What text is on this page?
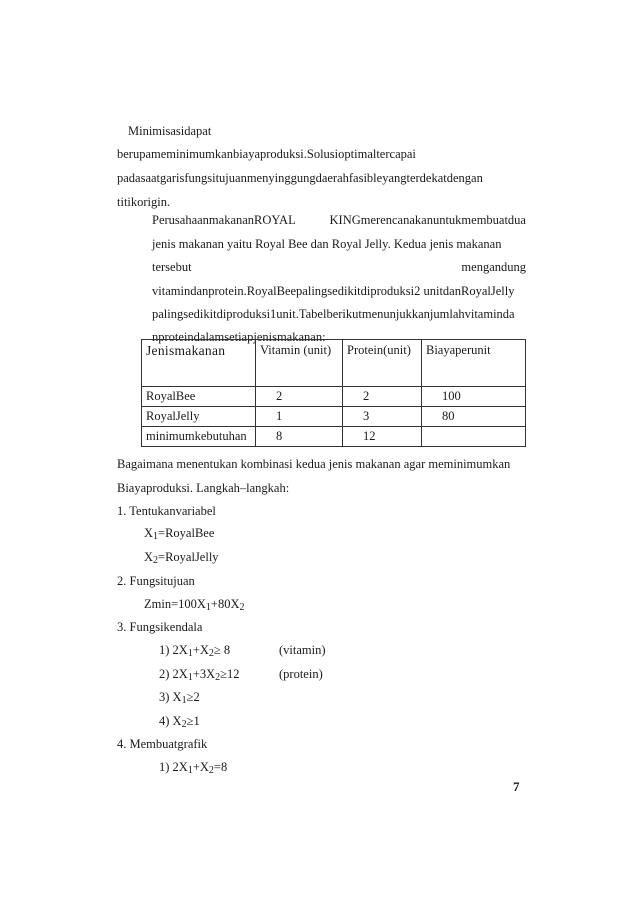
Minimisasidapat
berupameminimumkanbiayaproduksi.Solusioptimaltercapai
padasaatgarisfungsitujuanmenyinggungdaerahfasibleyangterdekatdengan
titikorigin.
PerusahaanmakananROYAL	KINGmerencanakanuntukmembuatdua
jenis makanan yaitu Royal Bee dan Royal Jelly. Kedua jenis makanan
tersebut	mengandung
vitamindanprotein.RoyalBeepalingsedikitdiproduksi2 unitdanRoyalJelly
palingsedikitdiproduksi1unit.Tabelberikutmenunjukkanjumlahvitaminda
nproteindalamsetiapjenismakanan:
Jenismakanan	Vitamin (unit)	Protein(unit)	Biayaperunit
RoyalBee	2	2	100
RoyalJelly	1	3	80
minimumkebutuhan	8	12	
Bagaimana menentukan kombinasi kedua jenis makanan agar meminimumkan
Biayaproduksi. Langkah–langkah:
1. Tentukanvariabel
$X_1=RoyalBee$
$X_2=RoyalJelly$
2. Fungsitujuan
$Zmin=100X_1+80X_2$
3. Fungsikendala
1) $2X_1+X_2\ge 8$	(vitamin)
2) $2X_1+3X_2\ge 12$	(protein)
3) $X_1\ge 2$
4) $X_2\ge 1$
4. Membuatgrafik
1) $2X_1+X_2=8$
7
